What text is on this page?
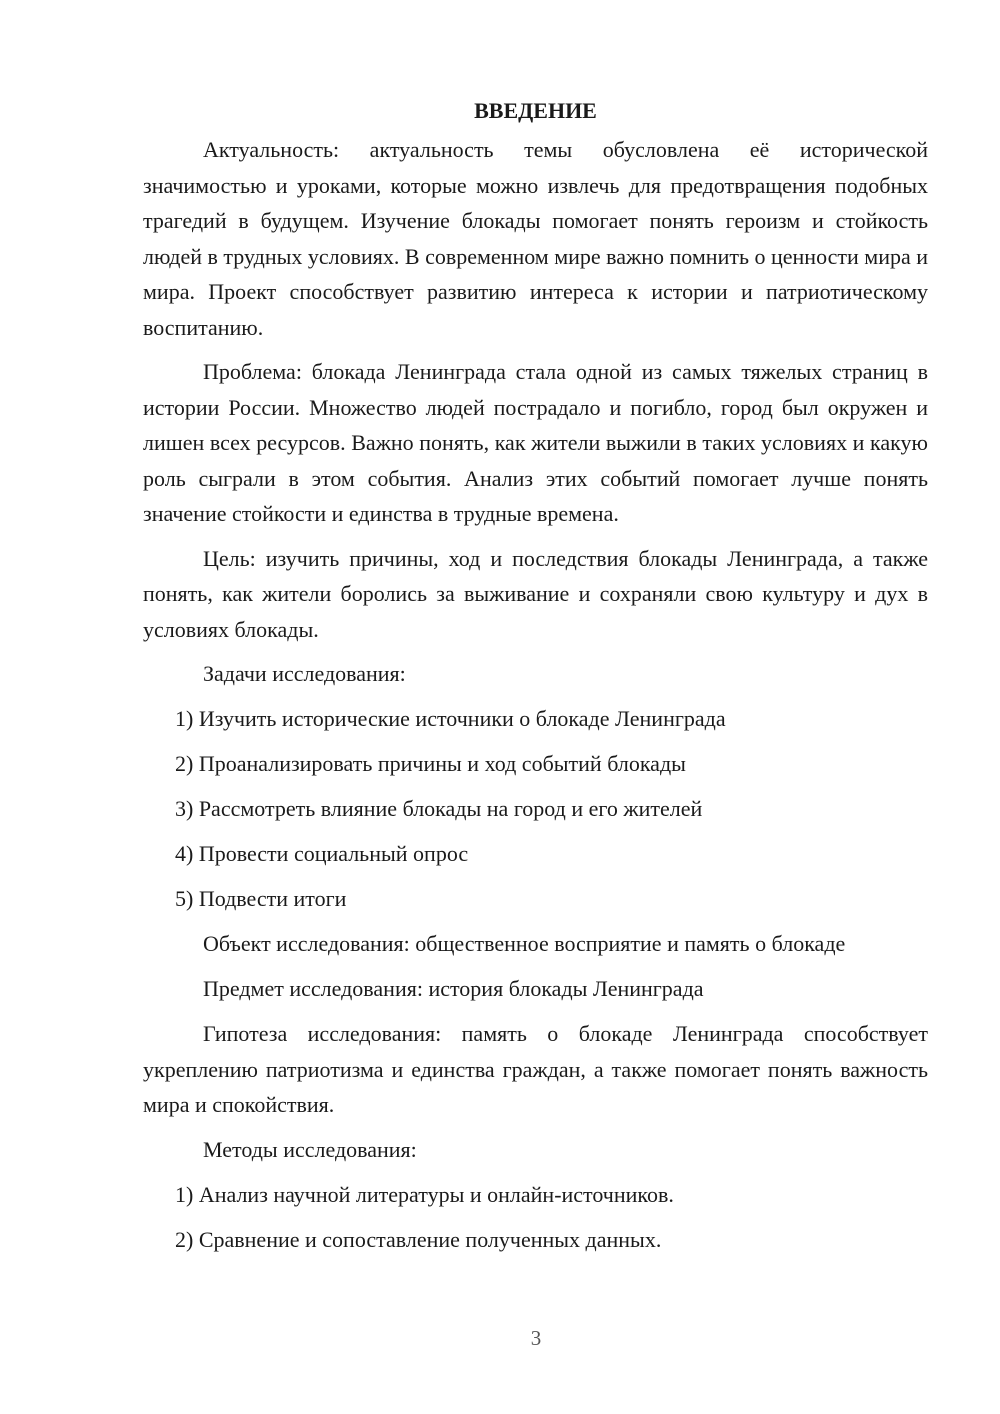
ВВЕДЕНИЕ

Актуальность: актуальность темы обусловлена её исторической значимостью и уроками, которые можно извлечь для предотвращения подобных трагедий в будущем. Изучение блокады помогает понять героизм и стойкость людей в трудных условиях. В современном мире важно помнить о ценности мира и мира. Проект способствует развитию интереса к истории и патриотическому воспитанию.

Проблема: блокада Ленинграда стала одной из самых тяжелых страниц в истории России. Множество людей пострадало и погибло, город был окружен и лишен всех ресурсов. Важно понять, как жители выжили в таких условиях и какую роль сыграли в этом события. Анализ этих событий помогает лучше понять значение стойкости и единства в трудные времена.

Цель: изучить причины, ход и последствия блокады Ленинграда, а также понять, как жители боролись за выживание и сохраняли свою культуру и дух в условиях блокады.

Задачи исследования:
1) Изучить исторические источники о блокаде Ленинграда
2) Проанализировать причины и ход событий блокады
3) Рассмотреть влияние блокады на город и его жителей
4) Провести социальный опрос
5) Подвести итоги
Объект исследования: общественное восприятие и память о блокаде
Предмет исследования: история блокады Ленинграда

Гипотеза исследования: память о блокаде Ленинграда способствует укреплению патриотизма и единства граждан, а также помогает понять важность мира и спокойствия.

Методы исследования:
1) Анализ научной литературы и онлайн-источников.
2) Сравнение и сопоставление полученных данных.
3
